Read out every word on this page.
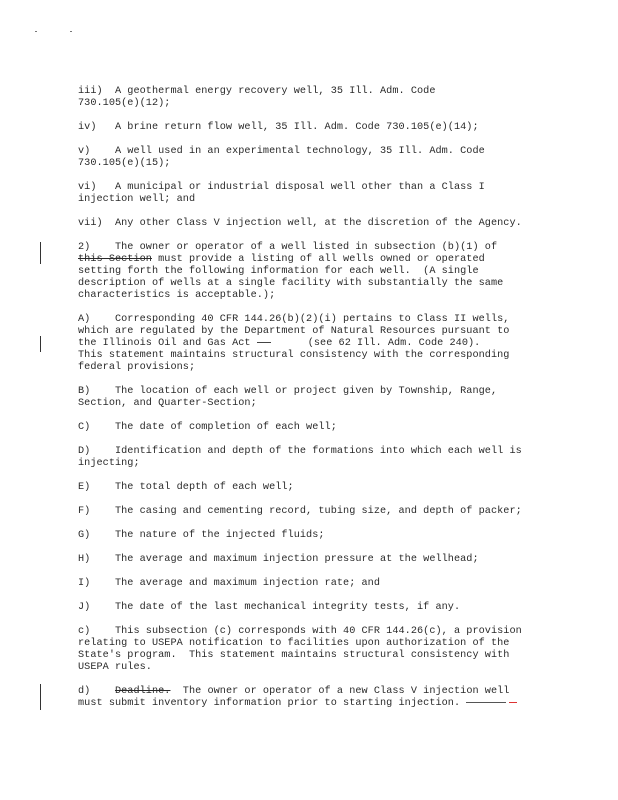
iii)  A geothermal energy recovery well, 35 Ill. Adm. Code
730.105(e)(12);

iv)   A brine return flow well, 35 Ill. Adm. Code 730.105(e)(14);

v)    A well used in an experimental technology, 35 Ill. Adm. Code
730.105(e)(15);

vi)   A municipal or industrial disposal well other than a Class I
injection well; and

vii)  Any other Class V injection well, at the discretion of the Agency.

2)    The owner or operator of a well listed in subsection (b)(1) of
this Section must provide a listing of all wells owned or operated
setting forth the following information for each well.  (A single
description of wells at a single facility with substantially the same
characteristics is acceptable.);

A)    Corresponding 40 CFR 144.26(b)(2)(i) pertains to Class II wells,
which are regulated by the Department of Natural Resources pursuant to
the Illinois Oil and Gas Act	(see 62 Ill. Adm. Code 240).
This statement maintains structural consistency with the corresponding
federal provisions;

B)    The location of each well or project given by Township, Range,
Section, and Quarter-Section;

C)    The date of completion of each well;

D)    Identification and depth of the formations into which each well is
injecting;

E)    The total depth of each well;

F)    The casing and cementing record, tubing size, and depth of packer;

G)    The nature of the injected fluids;

H)    The average and maximum injection pressure at the wellhead;

I)    The average and maximum injection rate; and

J)    The date of the last mechanical integrity tests, if any.

c)    This subsection (c) corresponds with 40 CFR 144.26(c), a provision
relating to USEPA notification to facilities upon authorization of the
State's program.  This statement maintains structural consistency with
USEPA rules.

d)    Deadline.  The owner or operator of a new Class V injection well
must submit inventory information prior to starting injection.
